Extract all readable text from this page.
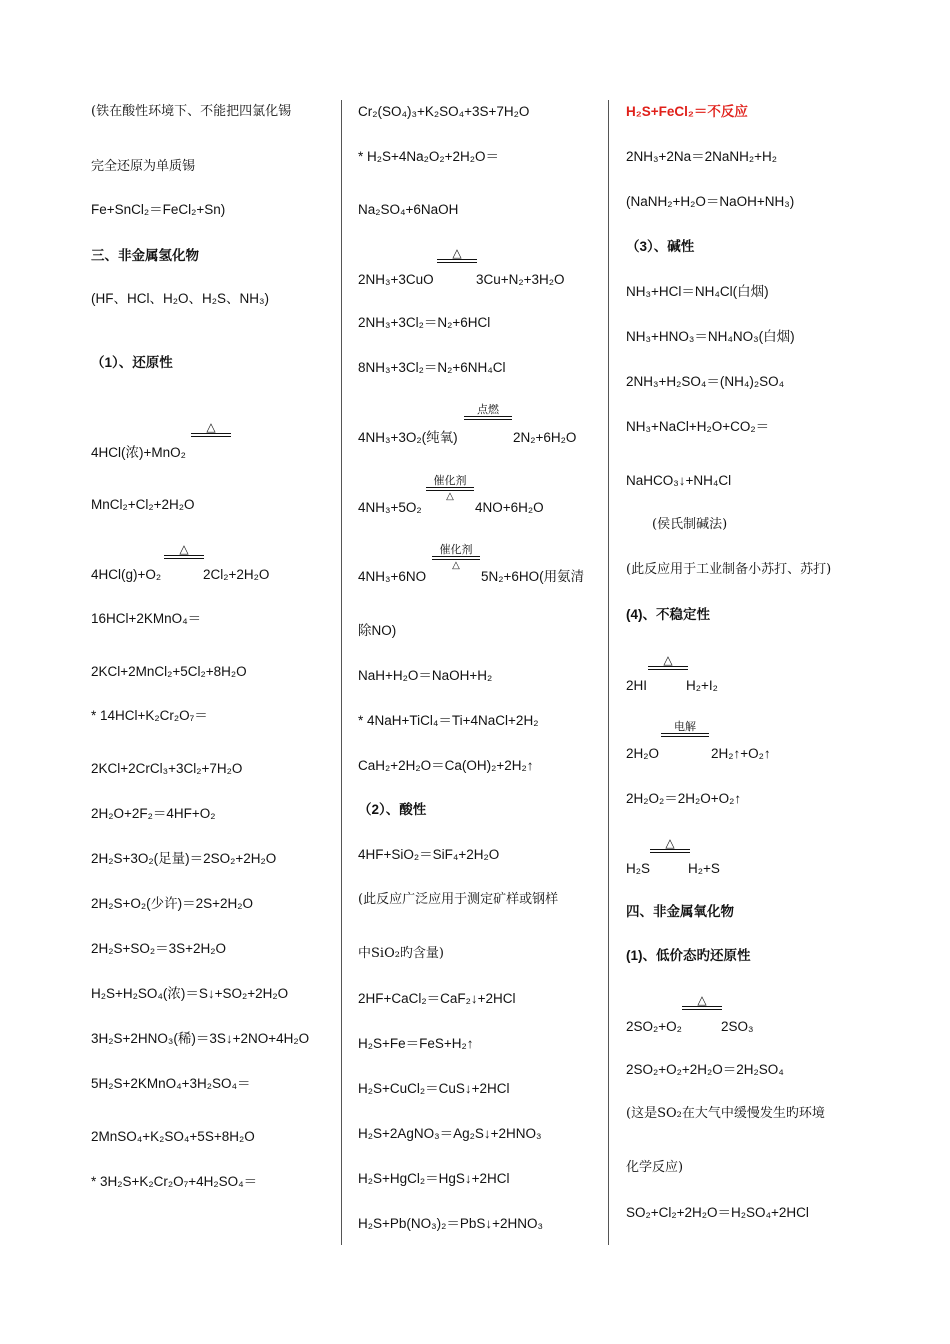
(铁在酸性环境下、不能把四氯化锡
完全还原为单质锡
Fe+SnCl₂＝FeCl₂+Sn)
三、非金属氢化物
(HF、HCl、H₂O、H₂S、NH₃)
（1）、还原性
△
4HCl(浓)+MnO₂
MnCl₂+Cl₂+2H₂O
△
4HCl(g)+O₂	2Cl₂+2H₂O
16HCl+2KMnO₄＝
2KCl+2MnCl₂+5Cl₂+8H₂O
* 14HCl+K₂Cr₂O₇＝
2KCl+2CrCl₃+3Cl₂+7H₂O
2H₂O+2F₂＝4HF+O₂
2H₂S+3O₂(足量)＝2SO₂+2H₂O
2H₂S+O₂(少许)＝2S+2H₂O
2H₂S+SO₂＝3S+2H₂O
H₂S+H₂SO₄(浓)＝S↓+SO₂+2H₂O
3H₂S+2HNO₃(稀)＝3S↓+2NO+4H₂O
5H₂S+2KMnO₄+3H₂SO₄＝
2MnSO₄+K₂SO₄+5S+8H₂O
* 3H₂S+K₂Cr₂O₇+4H₂SO₄＝
Cr₂(SO₄)₃+K₂SO₄+3S+7H₂O
* H₂S+4Na₂O₂+2H₂O＝
Na₂SO₄+6NaOH
△
2NH₃+3CuO	3Cu+N₂+3H₂O
2NH₃+3Cl₂＝N₂+6HCl
8NH₃+3Cl₂＝N₂+6NH₄Cl
点燃
4NH₃+3O₂(纯氧)	2N₂+6H₂O
催化剂
△
4NH₃+5O₂	4NO+6H₂O
催化剂
△
4NH₃+6NO	5N₂+6HO(用氨清
除NO)
NaH+H₂O＝NaOH+H₂
* 4NaH+TiCl₄＝Ti+4NaCl+2H₂
CaH₂+2H₂O＝Ca(OH)₂+2H₂↑
（2）、酸性
4HF+SiO₂＝SiF₄+2H₂O
(此反应广泛应用于测定矿样或钢样
中SiO₂旳含量)
2HF+CaCl₂＝CaF₂↓+2HCl
H₂S+Fe＝FeS+H₂↑
H₂S+CuCl₂＝CuS↓+2HCl
H₂S+2AgNO₃＝Ag₂S↓+2HNO₃
H₂S+HgCl₂＝HgS↓+2HCl
H₂S+Pb(NO₃)₂＝PbS↓+2HNO₃
H₂S+FeCl₂＝不反应
2NH₃+2Na＝2NaNH₂+H₂
(NaNH₂+H₂O＝NaOH+NH₃)
（3）、碱性
NH₃+HCl＝NH₄Cl(白烟)
NH₃+HNO₃＝NH₄NO₃(白烟)
2NH₃+H₂SO₄＝(NH₄)₂SO₄
NH₃+NaCl+H₂O+CO₂＝
NaHCO₃↓+NH₄Cl
(侯氏制碱法)
(此反应用于工业制备小苏打、苏打)
(4)、不稳定性
△
2HI	H₂+I₂
电解
2H₂O	2H₂↑+O₂↑
2H₂O₂＝2H₂O+O₂↑
△
H₂S	H₂+S
四、非金属氧化物
(1)、低价态旳还原性
△
2SO₂+O₂	2SO₃
2SO₂+O₂+2H₂O＝2H₂SO₄
(这是SO₂在大气中缓慢发生旳环境
化学反应)
SO₂+Cl₂+2H₂O＝H₂SO₄+2HCl
